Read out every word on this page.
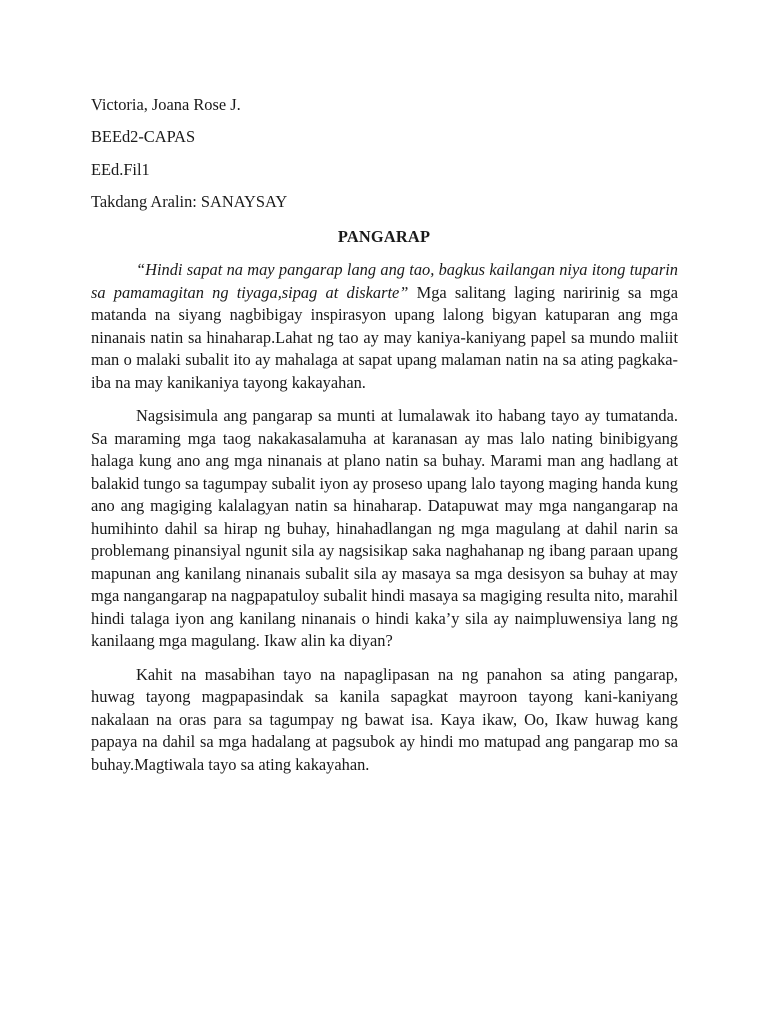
Victoria, Joana Rose J.
BEEd2-CAPAS
EEd.Fil1
Takdang Aralin: SANAYSAY
PANGARAP

“Hindi sapat na may pangarap lang ang tao, bagkus kailangan niya itong tuparin sa pamamagitan ng tiyaga,sipag at diskarte” Mga salitang laging naririnig sa mga matanda na siyang nagbibigay inspirasyon upang lalong bigyan katuparan ang mga ninanais natin sa hinaharap.Lahat ng tao ay may kaniya-kaniyang papel sa mundo maliit man o malaki subalit ito ay mahalaga at sapat upang malaman natin na sa ating pagkaka-iba na may kanikaniya tayong kakayahan.

Nagsisimula ang pangarap sa munti at lumalawak ito habang tayo ay tumatanda. Sa maraming mga taog nakakasalamuha at karanasan ay mas lalo nating binibigyang halaga kung ano ang mga ninanais at plano natin sa buhay. Marami man ang hadlang at balakid tungo sa tagumpay subalit iyon ay proseso upang lalo tayong maging handa kung ano ang magiging kalalagyan natin sa hinaharap. Datapuwat may mga nangangarap na humihinto dahil sa hirap ng buhay, hinahadlangan ng mga magulang at dahil narin sa problemang pinansiyal ngunit sila ay nagsisikap saka naghahanap ng ibang paraan upang mapunan ang kanilang ninanais subalit sila ay masaya sa mga desisyon sa buhay at may mga nangangarap na nagpapatuloy subalit hindi masaya sa magiging resulta nito, marahil hindi talaga iyon ang kanilang ninanais o hindi kaka’y sila ay naimpluwensiya lang ng kanilaang mga magulang. Ikaw alin ka diyan?

Kahit na masabihan tayo na napaglipasan na ng panahon sa ating pangarap, huwag tayong magpapasindak sa kanila sapagkat mayroon tayong kani-kaniyang nakalaan na oras para sa tagumpay ng bawat isa. Kaya ikaw, Oo, Ikaw huwag kang papaya na dahil sa mga hadalang at pagsubok ay hindi mo matupad ang pangarap mo sa buhay.Magtiwala tayo sa ating kakayahan.
